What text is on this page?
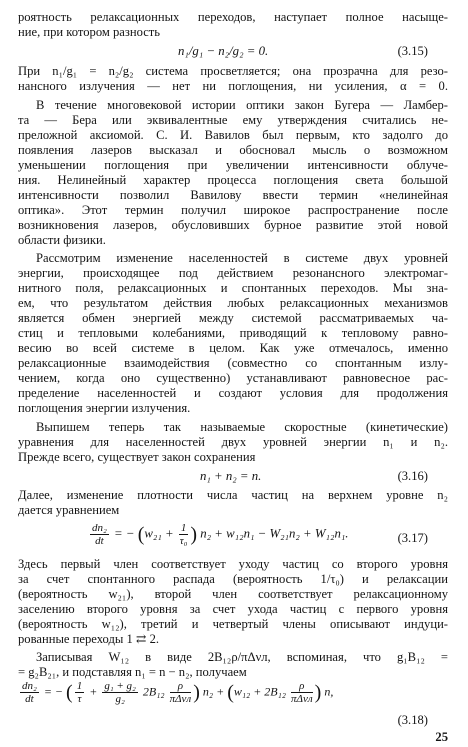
роятность релаксационных переходов, наступает полное насыще-
ние, при котором разность
n₁/g₁ − n₂/g₂ = 0.	(3.15)
При n₁/g₁ = n₂/g₂ система просветляется; она прозрачна для резо-
нансного излучения — нет ни поглощения, ни усиления, α = 0.
В течение многовековой истории оптики закон Бугера — Ламбер-
та — Бера или эквивалентные ему утверждения считались не-
преложной аксиомой. С. И. Вавилов был первым, кто задолго до
появления лазеров высказал и обосновал мысль о возможном
уменьшении поглощения при увеличении интенсивности облуче-
ния. Нелинейный характер процесса поглощения света большой
интенсивности позволил Вавилову ввести термин «нелинейная
оптика». Этот термин получил широкое распространение после
возникновения лазеров, обусловивших бурное развитие этой новой
области физики.
Рассмотрим изменение населенностей в системе двух уровней
энергии, происходящее под действием резонансного электромаг-
нитного поля, релаксационных и спонтанных переходов. Мы зна-
ем, что результатом действия любых релаксационных механизмов
является обмен энергией между системой рассматриваемых ча-
стиц и тепловыми колебаниями, приводящий к тепловому равно-
весию во всей системе в целом. Как уже отмечалось, именно
релаксационные взаимодействия (совместно со спонтанным излу-
чением, когда оно существенно) устанавливают равновесное рас-
пределение населенностей и создают условия для продолжения
поглощения энергии излучения.
Выпишем теперь так называемые скоростные (кинетические)
уравнения для населенностей двух уровней энергии n₁ и n₂.
Прежде всего, существует закон сохранения
n₁ + n₂ = n.	(3.16)
Далее, изменение плотности числа частиц на верхнем уровне n₂
дается уравнением
$\frac{\text{dn₂}}{dt}$ = − ($w_{21} + \frac{1}{\text{τ₀}}$ ) n₂ + w₁₂n₁ − W₂₁n₂ + W₁₂n₁.	(3.17)
Здесь первый член соответствует уходу частиц со второго уровня
за счет спонтанного распада (вероятность 1/τ₀) и релаксации
(вероятность w₂₁), второй член соответствует релаксационному
заселению второго уровня за счет ухода частиц с первого уровня
(вероятность w₁₂), третий и четвертый члены описывают индуци-
рованные переходы 1 ⇄ 2.
Записывая W₁₂ в виде 2B₁₂ρ/πΔνл, вспоминая, что g₁B₁₂ =
= g₂B₂₁, и подставляя n₁ = n − n₂, получаем
$\frac{\text{dn₂}}{dt}$ = − ( $\frac{1}{\tau} + \frac{\text{g₁ + g₂}}{\text{g₂}} 2B_{12} \frac{\rho}{\text{πΔνл}}$ ) $n_2 + (w_{12} + 2B_{12} \frac{\rho}{\text{πΔνл}}$ ) n,
(3.18)
25
